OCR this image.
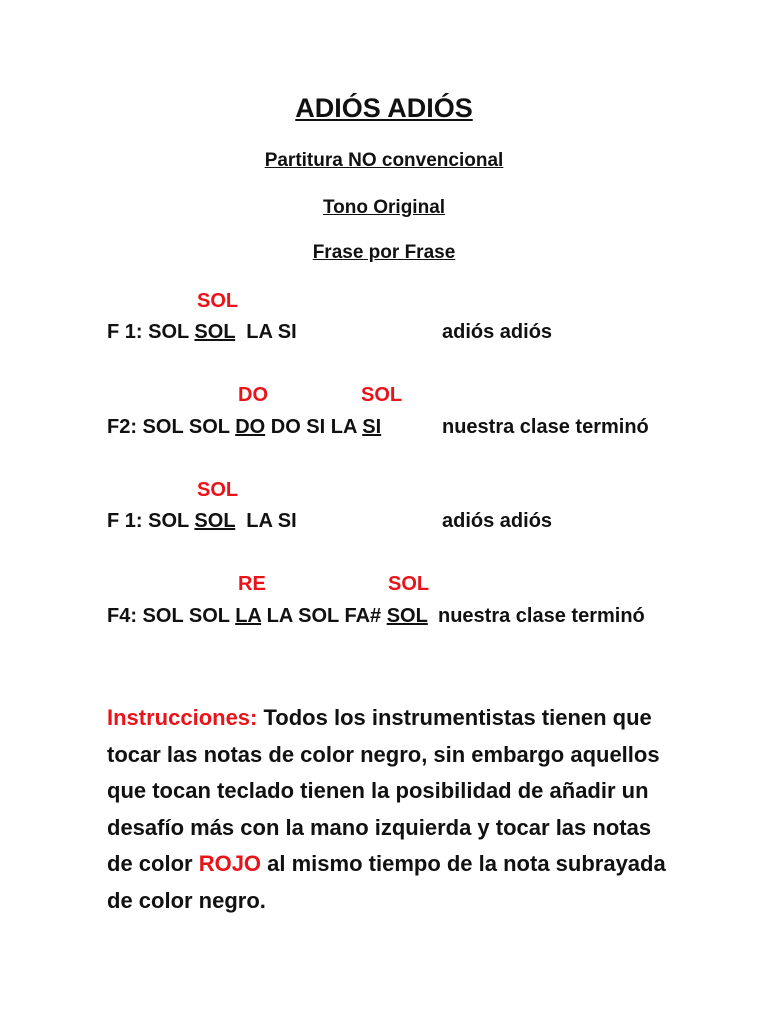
ADIÓS ADIÓS
Partitura NO convencional
Tono Original
Frase por Frase
SOL
F 1: SOL SOL  LA SI	adiós adiós
DO	SOL
F2: SOL SOL DO DO SI LA SI	nuestra clase terminó
SOL
F 1: SOL SOL  LA SI	adiós adiós
RE	SOL
F4: SOL SOL LA LA SOL FA# SOL nuestra clase terminó
Instrucciones: Todos los instrumentistas tienen que tocar las notas de color negro, sin embargo aquellos que tocan teclado tienen la posibilidad de añadir un desafío más con la mano izquierda y tocar las notas de color ROJO al mismo tiempo de la nota subrayada de color negro.
